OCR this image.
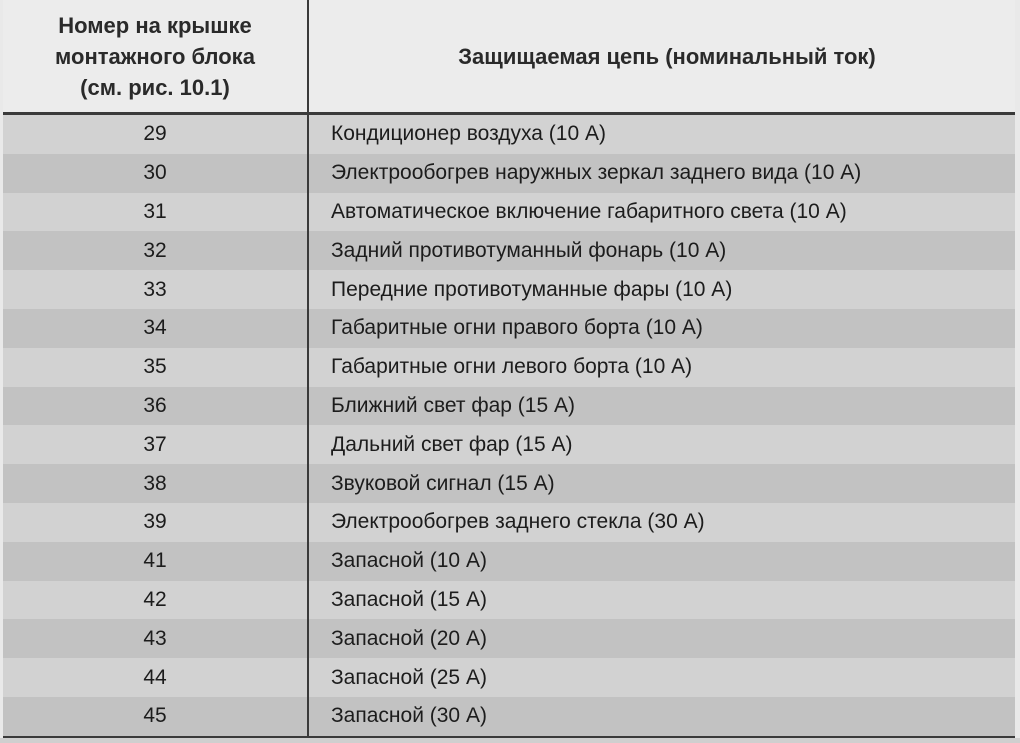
Номер на крышке
монтажного блока
(см. рис. 10.1)	Защищаемая цепь (номинальный ток)
29	Кондиционер воздуха (10 А)
30	Электрообогрев наружных зеркал заднего вида (10 А)
31	Автоматическое включение габаритного света (10 А)
32	Задний противотуманный фонарь (10 А)
33	Передние противотуманные фары (10 А)
34	Габаритные огни правого борта (10 А)
35	Габаритные огни левого борта (10 А)
36	Ближний свет фар (15 А)
37	Дальний свет фар (15 А)
38	Звуковой сигнал (15 А)
39	Электрообогрев заднего стекла (30 А)
41	Запасной (10 А)
42	Запасной (15 А)
43	Запасной (20 А)
44	Запасной (25 А)
45	Запасной (30 А)
